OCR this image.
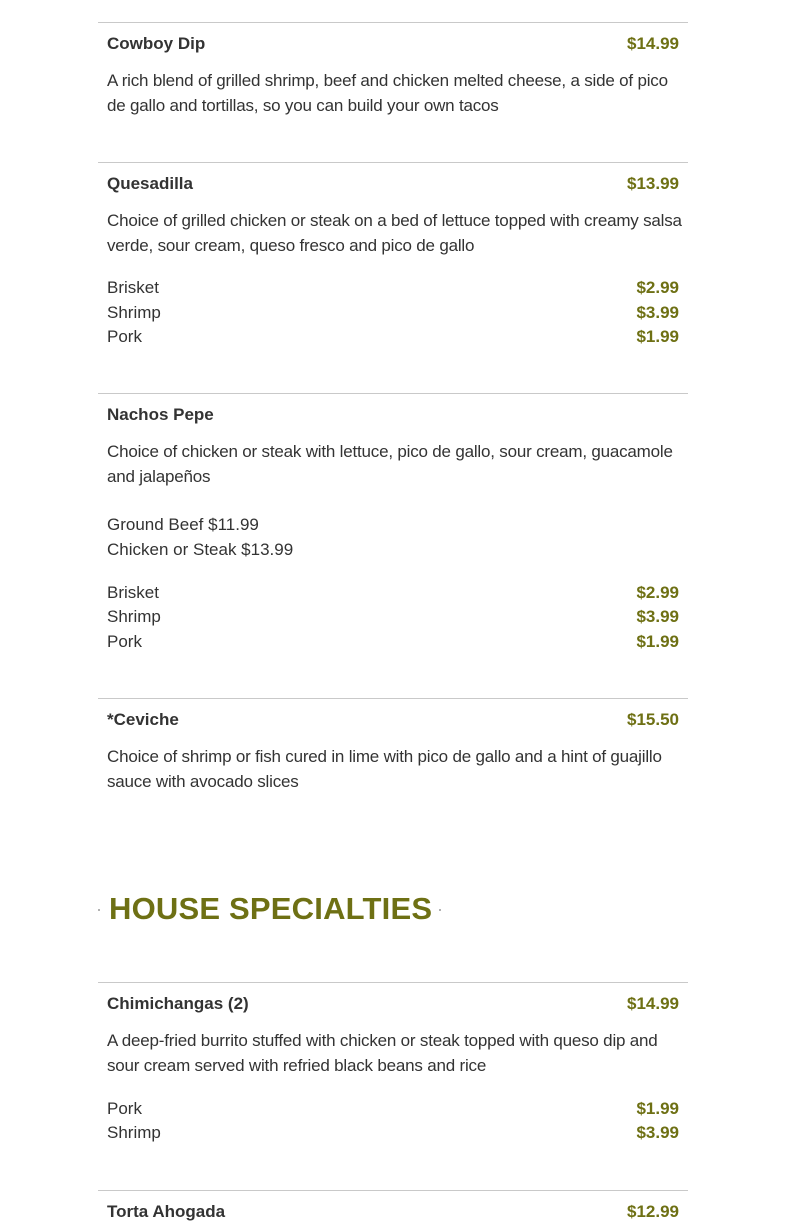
Cowboy Dip	$14.99
A rich blend of grilled shrimp, beef and chicken melted cheese, a side of pico de gallo and tortillas, so you can build your own tacos
Quesadilla	$13.99
Choice of grilled chicken or steak on a bed of lettuce topped with creamy salsa verde, sour cream, queso fresco and pico de gallo
Brisket	$2.99
Shrimp	$3.99
Pork	$1.99
Nachos Pepe
Choice of chicken or steak with lettuce, pico de gallo, sour cream, guacamole and jalapeños
Ground Beef $11.99
Chicken or Steak $13.99
Brisket	$2.99
Shrimp	$3.99
Pork	$1.99
*Ceviche	$15.50
Choice of shrimp or fish cured in lime with pico de gallo and a hint of guajillo sauce with avocado slices
HOUSE SPECIALTIES
Chimichangas (2)	$14.99
A deep-fried burrito stuffed with chicken or steak topped with queso dip and sour cream served with refried black beans and rice
Pork	$1.99
Shrimp	$3.99
Torta Ahogada	$12.99
